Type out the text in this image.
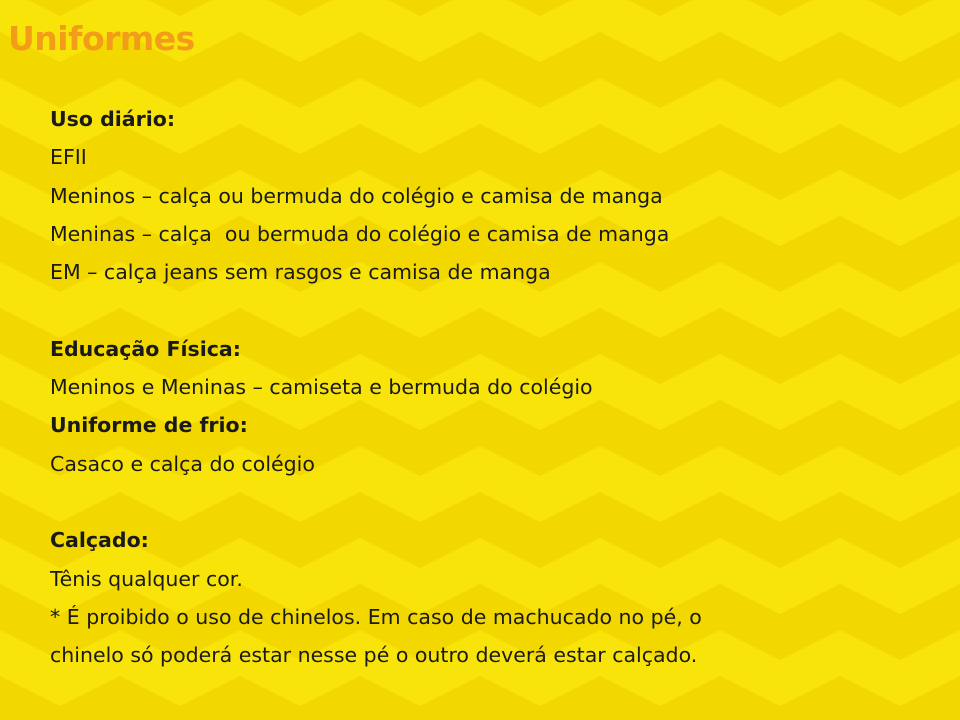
Uniformes
Uso diário:
EFII
Meninos – calça ou bermuda do colégio e camisa de manga
Meninas – calça  ou bermuda do colégio e camisa de manga
EM – calça jeans sem rasgos e camisa de manga
Educação Física:
Meninos e Meninas – camiseta e bermuda do colégio
Uniforme de frio:
Casaco e calça do colégio
Calçado:
Tênis qualquer cor.
* É proibido o uso de chinelos. Em caso de machucado no pé, o
chinelo só poderá estar nesse pé o outro deverá estar calçado.
